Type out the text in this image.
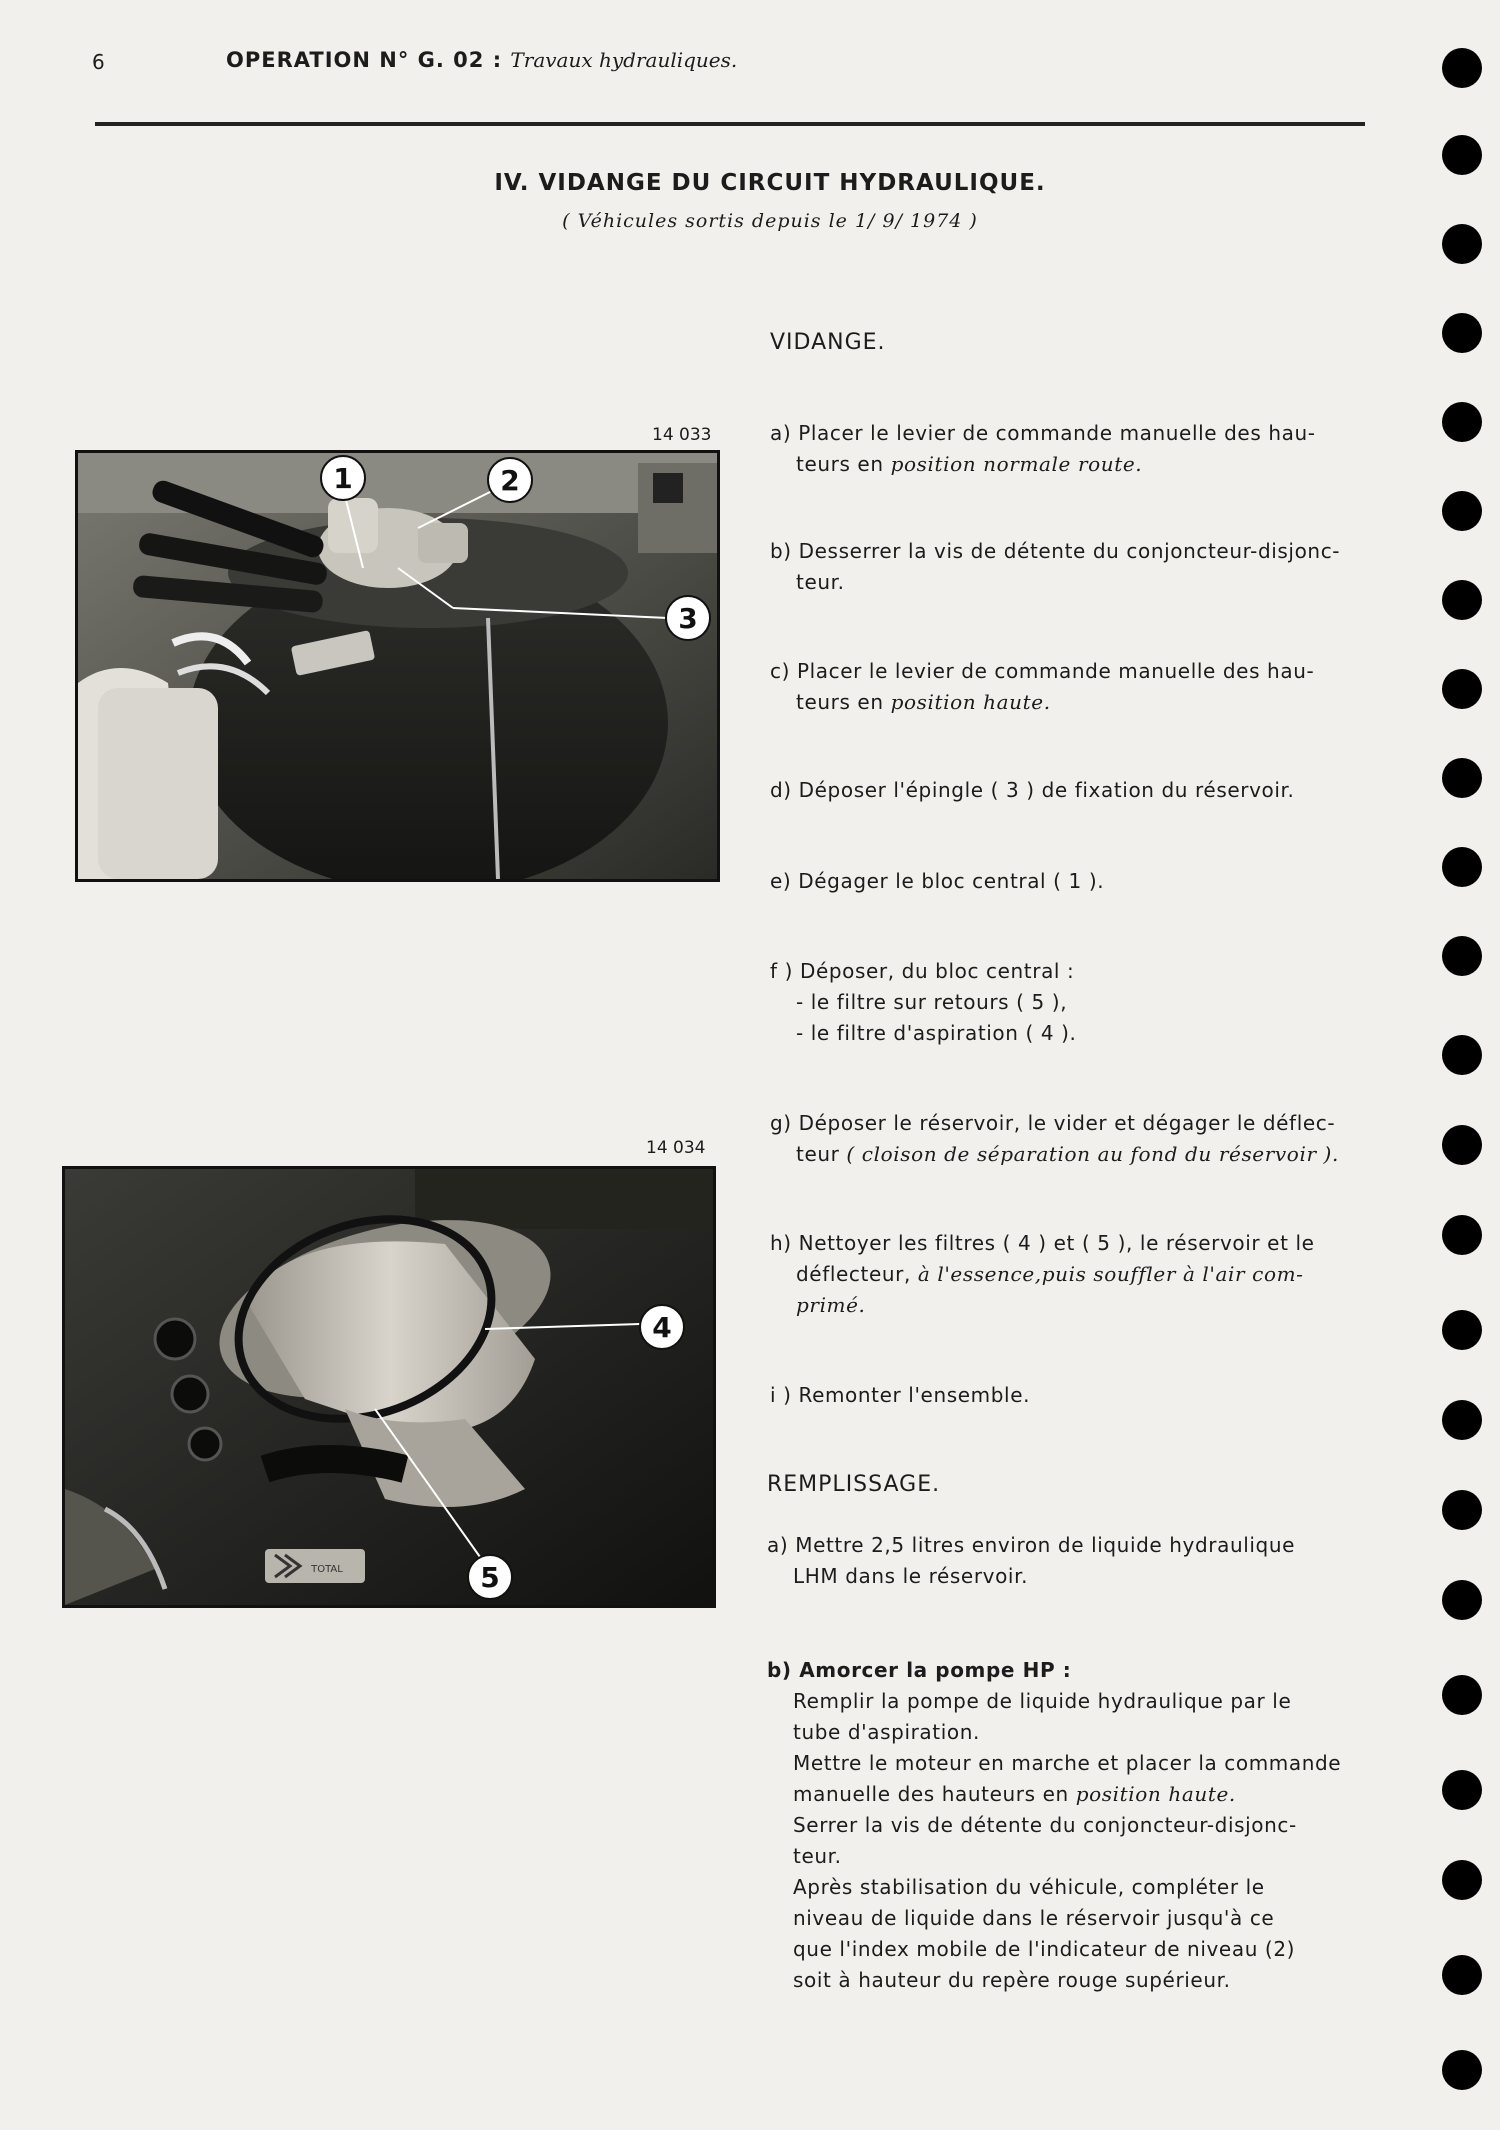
6	OPERATION N° G. 02 : Travaux hydrauliques.
IV. VIDANGE DU CIRCUIT HYDRAULIQUE.
( Véhicules sortis depuis le 1/ 9/ 1974 )
14 033
1	2
3
14 034
TOTAL
4
5
VIDANGE.
a) Placer le levier de commande manuelle des hau-
teurs en position normale route.
b) Desserrer la vis de détente du conjoncteur-disjonc-
teur.
c) Placer le levier de commande manuelle des hau-
teurs en position haute.
d) Déposer l'épingle ( 3 ) de fixation du réservoir.
e) Dégager le bloc central ( 1 ).
f ) Déposer, du bloc central :
- le filtre sur retours ( 5 ),
- le filtre d'aspiration ( 4 ).
g) Déposer le réservoir, le vider et dégager le déflec-
teur ( cloison de séparation au fond du réservoir ).
h) Nettoyer les filtres ( 4 ) et ( 5 ), le réservoir et le
déflecteur, à l'essence,puis souffler à l'air com-
primé.
i ) Remonter l'ensemble.
REMPLISSAGE.
a) Mettre 2,5 litres environ de liquide hydraulique
LHM dans le réservoir.
b) Amorcer la pompe HP :
Remplir la pompe de liquide hydraulique par le
tube d'aspiration.
Mettre le moteur en marche et placer la commande
manuelle des hauteurs en position haute.
Serrer la vis de détente du conjoncteur-disjonc-
teur.
Après stabilisation du véhicule, compléter le
niveau de liquide dans le réservoir jusqu'à ce
que l'index mobile de l'indicateur de niveau (2)
soit à hauteur du repère rouge supérieur.
